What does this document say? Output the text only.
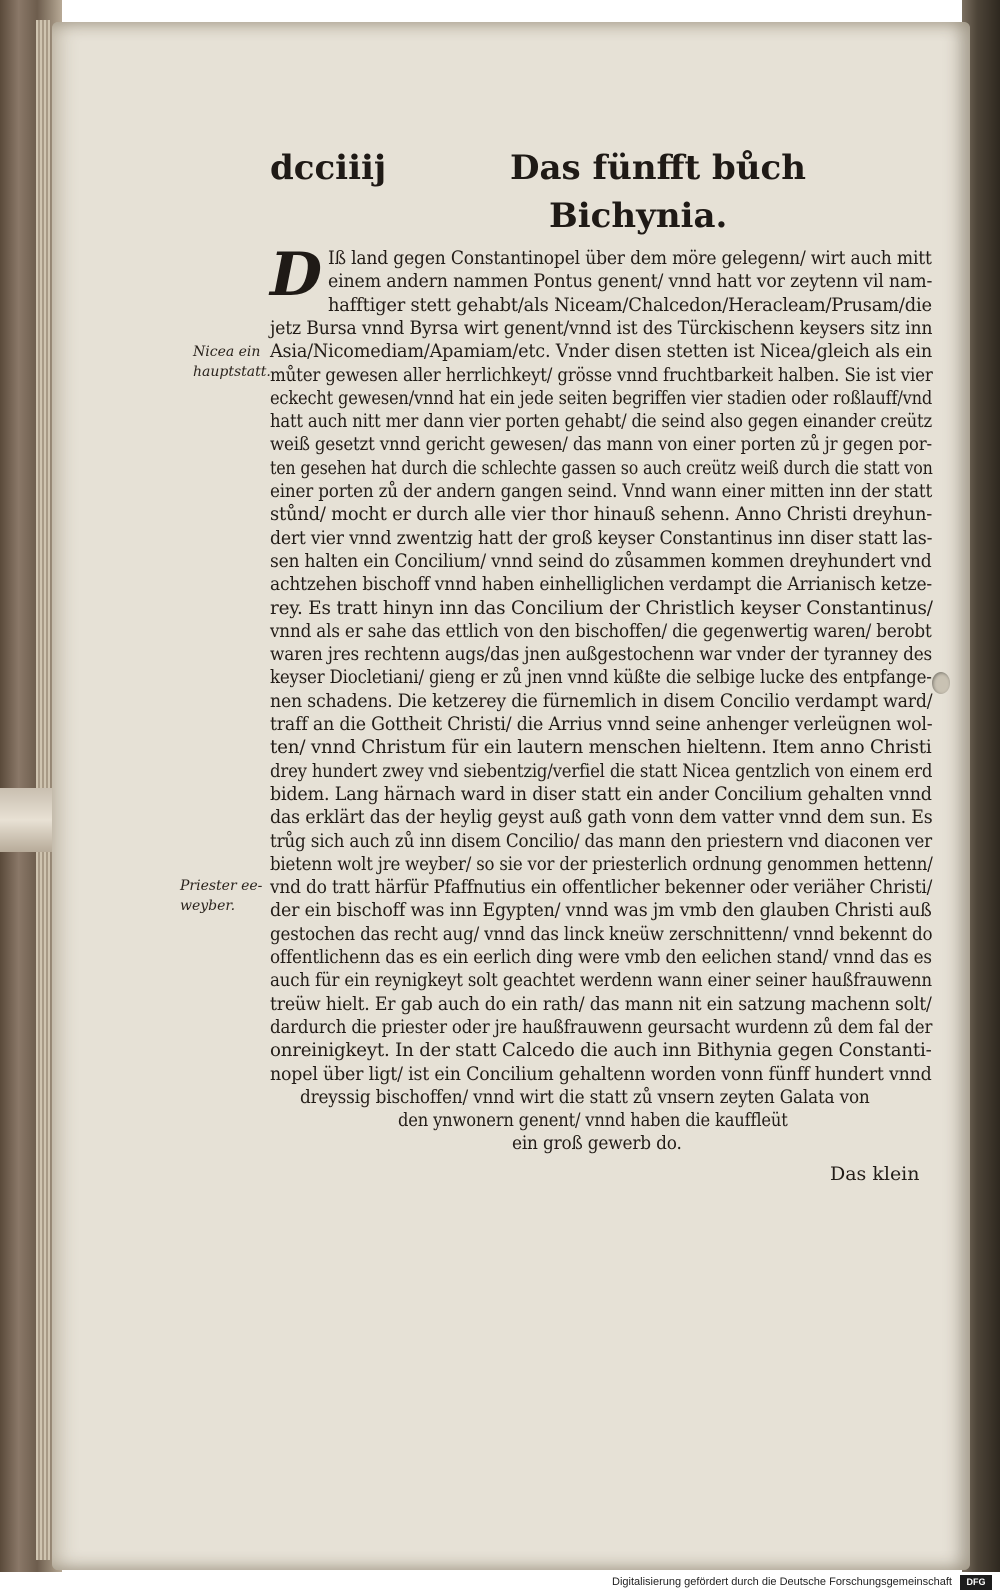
dcciiij	Das fünfft bůch
Bichynia.
D Iß land gegen Constantinopel über dem möre gelegenn/ wirt auch mitt
einem andern nammen Pontus genent/ vnnd hatt vor zeytenn vil nam-
hafftiger stett gehabt/als Niceam/Chalcedon/Heracleam/Prusam/die
jetz Bursa vnnd Byrsa wirt genent/vnnd ist des Türckischenn keysers sitz inn
Asia/Nicomediam/Apamiam/etc. Vnder disen stetten ist Nicea/gleich als ein
můter gewesen aller herrlichkeyt/ grösse vnnd fruchtbarkeit halben. Sie ist vier
eckecht gewesen/vnnd hat ein jede seiten begriffen vier stadien oder roßlauff/vnd
hatt auch nitt mer dann vier porten gehabt/ die seind also gegen einander creütz
weiß gesetzt vnnd gericht gewesen/ das mann von einer porten zů jr gegen por-
ten gesehen hat durch die schlechte gassen so auch creütz weiß durch die statt von
einer porten zů der andern gangen seind. Vnnd wann einer mitten inn der statt
stůnd/ mocht er durch alle vier thor hinauß sehenn. Anno Christi dreyhun-
dert vier vnnd zwentzig hatt der groß keyser Constantinus inn diser statt las-
sen halten ein Concilium/ vnnd seind do zůsammen kommen dreyhundert vnd
achtzehen bischoff vnnd haben einhelliglichen verdampt die Arrianisch ketze-
rey. Es tratt hinyn inn das Concilium der Christlich keyser Constantinus/
vnnd als er sahe das ettlich von den bischoffen/ die gegenwertig waren/ berobt
waren jres rechtenn augs/das jnen außgestochenn war vnder der tyranney des
keyser Diocletiani/ gieng er zů jnen vnnd küßte die selbige lucke des entpfange-
nen schadens. Die ketzerey die fürnemlich in disem Concilio verdampt ward/
traff an die Gottheit Christi/ die Arrius vnnd seine anhenger verleügnen wol-
ten/ vnnd Christum für ein lautern menschen hieltenn. Item anno Christi
drey hundert zwey vnd siebentzig/verfiel die statt Nicea gentzlich von einem erd
bidem. Lang härnach ward in diser statt ein ander Concilium gehalten vnnd
das erklärt das der heylig geyst auß gath vonn dem vatter vnnd dem sun. Es
trůg sich auch zů inn disem Concilio/ das mann den priestern vnd diaconen ver
bietenn wolt jre weyber/ so sie vor der priesterlich ordnung genommen hettenn/
vnd do tratt härfür Pfaffnutius ein offentlicher bekenner oder veriäher Christi/
der ein bischoff was inn Egypten/ vnnd was jm vmb den glauben Christi auß
gestochen das recht aug/ vnnd das linck kneüw zerschnittenn/ vnnd bekennt do
offentlichenn das es ein eerlich ding were vmb den eelichen stand/ vnnd das es
auch für ein reynigkeyt solt geachtet werdenn wann einer seiner haußfrauwenn
treüw hielt. Er gab auch do ein rath/ das mann nit ein satzung machenn solt/
dardurch die priester oder jre haußfrauwenn geursacht wurdenn zů dem fal der
onreinigkeyt. In der statt Calcedo die auch inn Bithynia gegen Constanti-
nopel über ligt/ ist ein Concilium gehaltenn worden vonn fünff hundert vnnd
dreyssig bischoffen/ vnnd wirt die statt zů vnsern zeyten Galata von
den ynwonern genent/ vnnd haben die kauffleüt
ein groß gewerb do.
Nicea ein
hauptstatt.
Priester ee-
weyber.
Das klein
Digitalisierung gefördert durch die Deutsche Forschungsgemeinschaft	DFG
